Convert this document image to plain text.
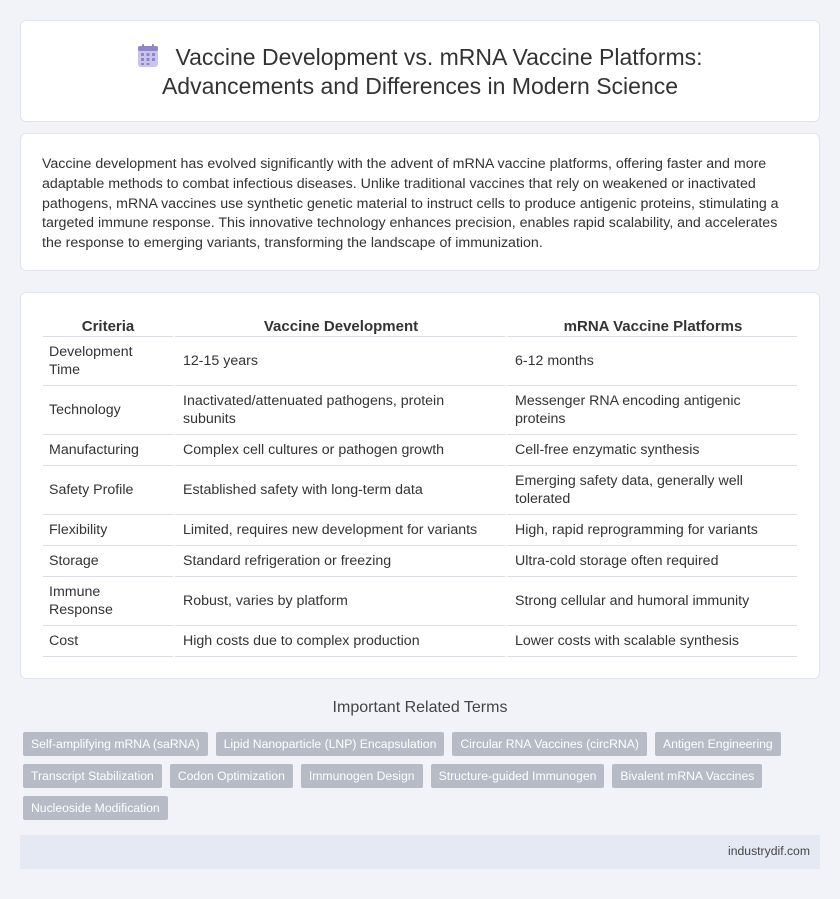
Vaccine Development vs. mRNA Vaccine Platforms:
Advancements and Differences in Modern Science

Vaccine development has evolved significantly with the advent of mRNA vaccine platforms, offering faster and more adaptable methods to combat infectious diseases. Unlike traditional vaccines that rely on weakened or inactivated pathogens, mRNA vaccines use synthetic genetic material to instruct cells to produce antigenic proteins, stimulating a targeted immune response. This innovative technology enhances precision, enables rapid scalability, and accelerates the response to emerging variants, transforming the landscape of immunization.

Criteria	Vaccine Development	mRNA Vaccine Platforms
Development Time	12-15 years	6-12 months
Technology	Inactivated/attenuated pathogens, protein subunits	Messenger RNA encoding antigenic proteins
Manufacturing	Complex cell cultures or pathogen growth	Cell-free enzymatic synthesis
Safety Profile	Established safety with long-term data	Emerging safety data, generally well tolerated
Flexibility	Limited, requires new development for variants	High, rapid reprogramming for variants
Storage	Standard refrigeration or freezing	Ultra-cold storage often required
Immune Response	Robust, varies by platform	Strong cellular and humoral immunity
Cost	High costs due to complex production	Lower costs with scalable synthesis
Important Related Terms
Self-amplifying mRNA (saRNA)	Lipid Nanoparticle (LNP) Encapsulation	Circular RNA Vaccines (circRNA)	Antigen Engineering
Transcript Stabilization	Codon Optimization	Immunogen Design	Structure-guided Immunogen	Bivalent mRNA Vaccines
Nucleoside Modification
industrydif.com
